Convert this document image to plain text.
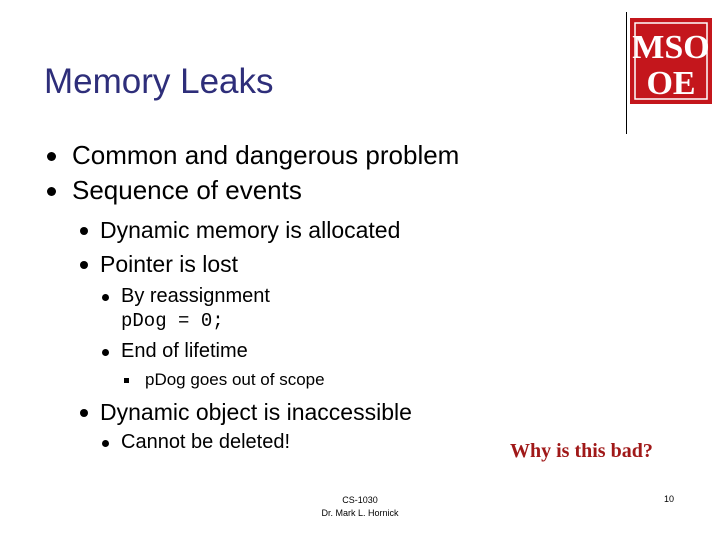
Memory Leaks
MSO
OE
Common and dangerous problem
Sequence of events
Dynamic memory is allocated
Pointer is lost
By reassignment
pDog = 0;
End of lifetime
pDog goes out of scope
Dynamic object is inaccessible
Cannot be deleted!	Why is this bad?
CS-1030
Dr. Mark L. Hornick
10
